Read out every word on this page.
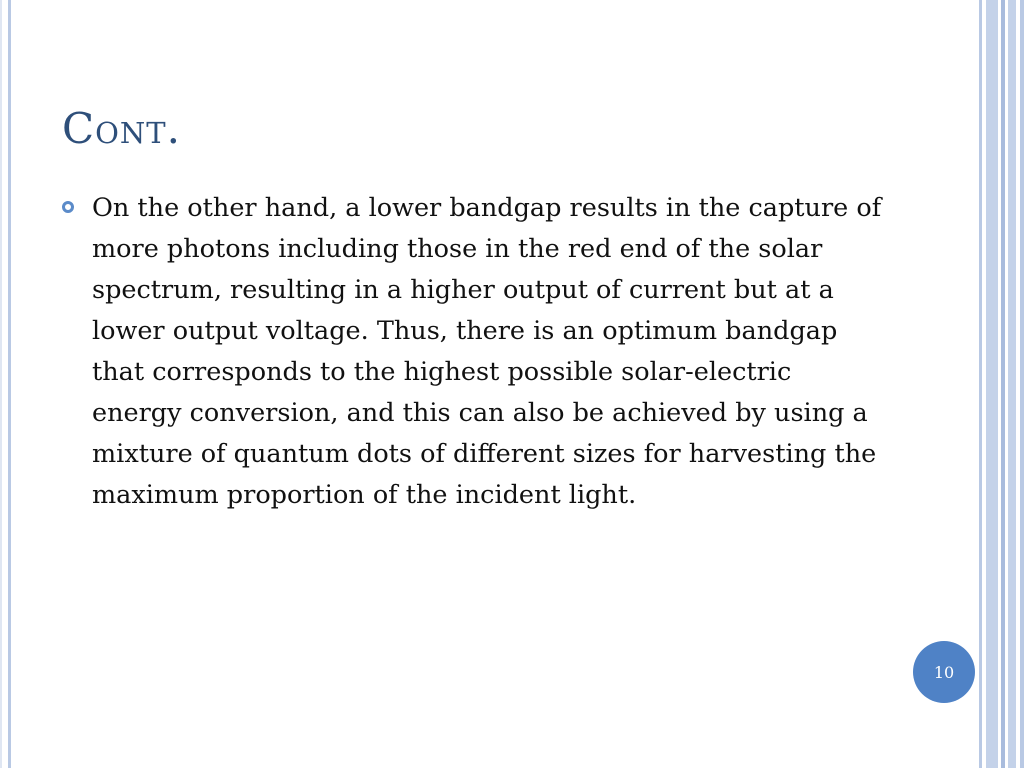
Cont.

On the other hand, a lower bandgap results in the capture of more photons including those in the red end of the solar spectrum, resulting in a higher output of current but at a lower output voltage. Thus, there is an optimum bandgap that corresponds to the highest possible solar-electric energy conversion, and this can also be achieved by using a mixture of quantum dots of different sizes for harvesting the maximum proportion of the incident light.

10
